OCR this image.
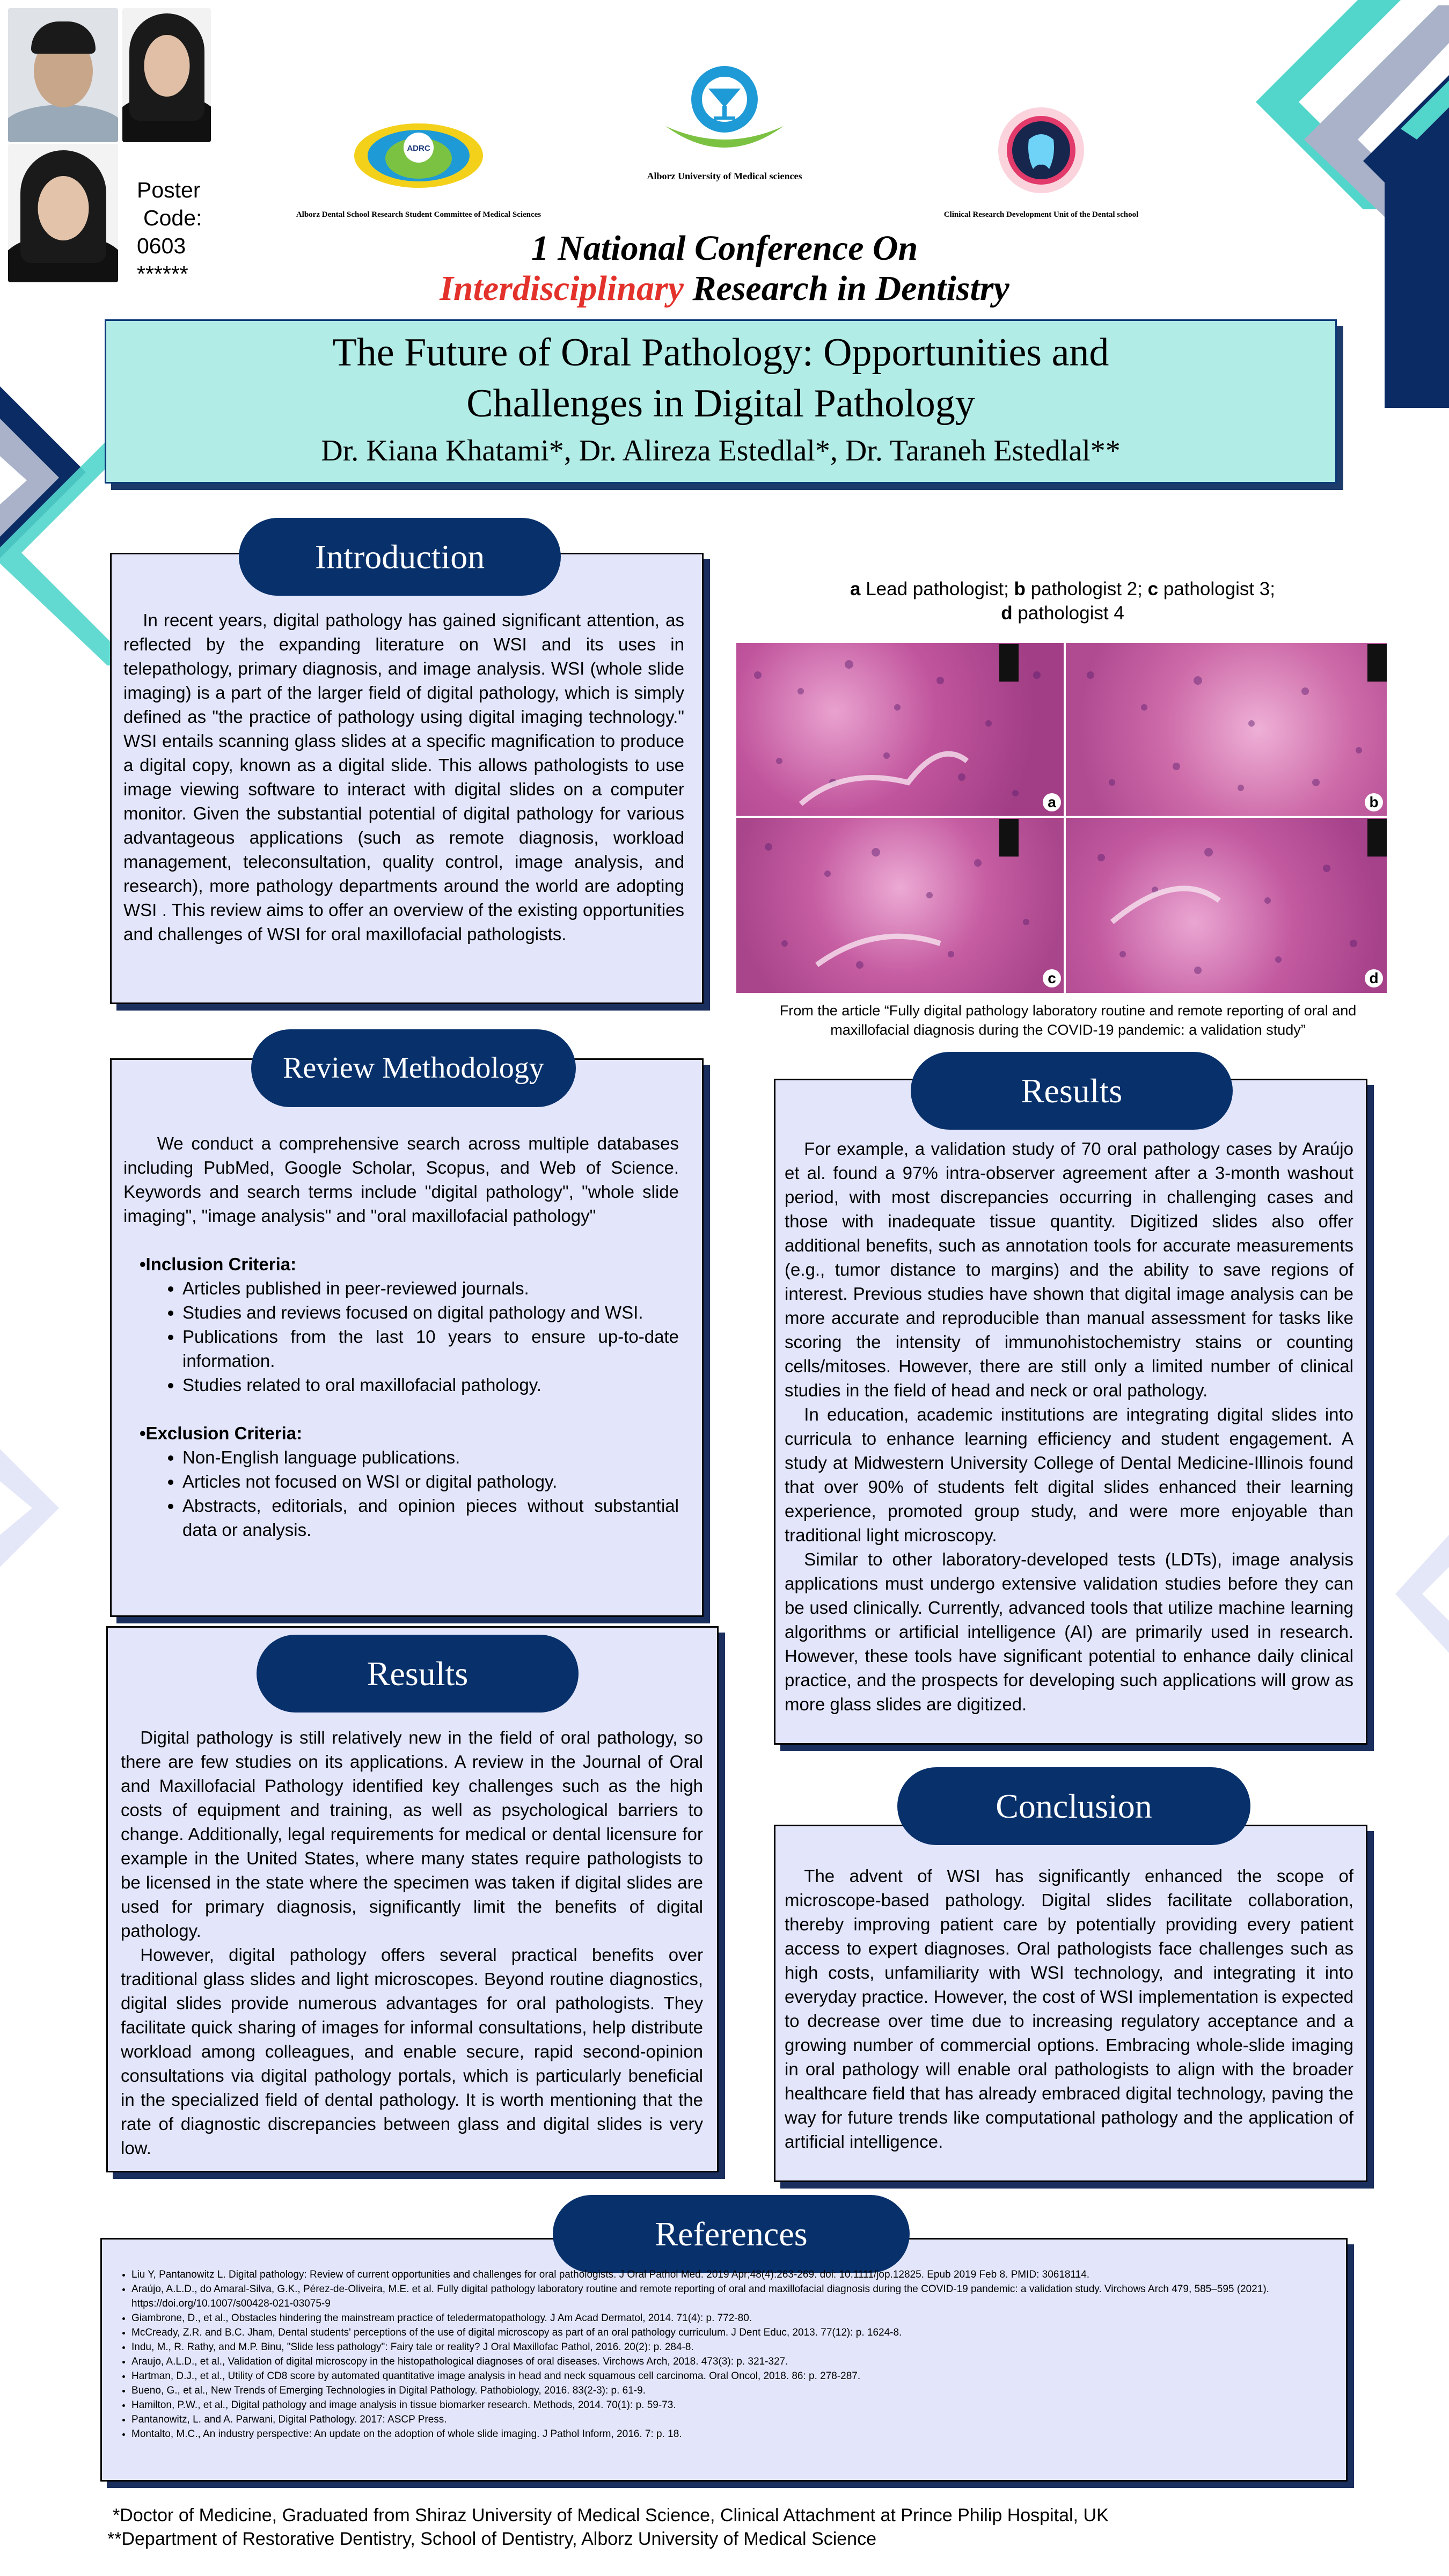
Poster
Code:
0603
******
ADRC
Alborz Dental School Research Student Committee of Medical Sciences
Alborz University of Medical sciences
Clinical Research Development Unit of the Dental school
1 National Conference On
Interdisciplinary Research in Dentistry
The Future of Oral Pathology: Opportunities and Challenges in Digital Pathology
Dr. Kiana Khatami*, Dr. Alireza Estedlal*, Dr. Taraneh Estedlal**
Introduction

In recent years, digital pathology has gained significant attention, as reflected by the expanding literature on WSI and its uses in telepathology, primary diagnosis, and image analysis. WSI (whole slide imaging) is a part of the larger field of digital pathology, which is simply defined as "the practice of pathology using digital imaging technology." WSI entails scanning glass slides at a specific magnification to produce a digital copy, known as a digital slide. This allows pathologists to use image viewing software to interact with digital slides on a computer monitor. Given the substantial potential of digital pathology for various advantageous applications (such as remote diagnosis, workload management, teleconsultation, quality control, image analysis, and research), more pathology departments around the world are adopting WSI . This review aims to offer an overview of the existing opportunities and challenges of WSI for oral maxillofacial pathologists.

a Lead pathologist; b pathologist 2; c pathologist 3;
d pathologist 4
a	b
c	d
From the article “Fully digital pathology laboratory routine and remote reporting of oral and maxillofacial diagnosis during the COVID-19 pandemic: a validation study”
Review Methodology

We conduct a comprehensive search across multiple databases including PubMed, Google Scholar, Scopus, and Web of Science. Keywords and search terms include "digital pathology", "whole slide imaging", "image analysis" and "oral maxillofacial pathology"

•Inclusion Criteria:
• Articles published in peer-reviewed journals.
• Studies and reviews focused on digital pathology and WSI.
• Publications from the last 10 years to ensure up-to-date information.
• Studies related to oral maxillofacial pathology.
•Exclusion Criteria:
• Non-English language publications.
• Articles not focused on WSI or digital pathology.
• Abstracts, editorials, and opinion pieces without substantial data or analysis.
Results

Digital pathology is still relatively new in the field of oral pathology, so there are few studies on its applications. A review in the Journal of Oral and Maxillofacial Pathology identified key challenges such as the high costs of equipment and training, as well as psychological barriers to change. Additionally, legal requirements for medical or dental licensure for example in the United States, where many states require pathologists to be licensed in the state where the specimen was taken if digital slides are used for primary diagnosis, significantly limit the benefits of digital pathology.

However, digital pathology offers several practical benefits over traditional glass slides and light microscopes. Beyond routine diagnostics, digital slides provide numerous advantages for oral pathologists. They facilitate quick sharing of images for informal consultations, help distribute workload among colleagues, and enable secure, rapid second-opinion consultations via digital pathology portals, which is particularly beneficial in the specialized field of dental pathology. It is worth mentioning that the rate of diagnostic discrepancies between glass and digital slides is very low.

Results

For example, a validation study of 70 oral pathology cases by Araújo et al. found a 97% intra-observer agreement after a 3-month washout period, with most discrepancies occurring in challenging cases and those with inadequate tissue quantity. Digitized slides also offer additional benefits, such as annotation tools for accurate measurements (e.g., tumor distance to margins) and the ability to save regions of interest. Previous studies have shown that digital image analysis can be more accurate and reproducible than manual assessment for tasks like scoring the intensity of immunohistochemistry stains or counting cells/mitoses. However, there are still only a limited number of clinical studies in the field of head and neck or oral pathology.

In education, academic institutions are integrating digital slides into curricula to enhance learning efficiency and student engagement. A study at Midwestern University College of Dental Medicine-Illinois found that over 90% of students felt digital slides enhanced their learning experience, promoted group study, and were more enjoyable than traditional light microscopy.

Similar to other laboratory-developed tests (LDTs), image analysis applications must undergo extensive validation studies before they can be used clinically. Currently, advanced tools that utilize machine learning algorithms or artificial intelligence (AI) are primarily used in research. However, these tools have significant potential to enhance daily clinical practice, and the prospects for developing such applications will grow as more glass slides are digitized.

Conclusion

The advent of WSI has significantly enhanced the scope of microscope-based pathology. Digital slides facilitate collaboration, thereby improving patient care by potentially providing every patient access to expert diagnoses. Oral pathologists face challenges such as high costs, unfamiliarity with WSI technology, and integrating it into everyday practice. However, the cost of WSI implementation is expected to decrease over time due to increasing regulatory acceptance and a growing number of commercial options. Embracing whole-slide imaging in oral pathology will enable oral pathologists to align with the broader healthcare field that has already embraced digital technology, paving the way for future trends like computational pathology and the application of artificial intelligence.

References
• Liu Y, Pantanowitz L. Digital pathology: Review of current opportunities and challenges for oral pathologists. J Oral Pathol Med. 2019 Apr;48(4):263-269. doi: 10.1111/jop.12825. Epub 2019 Feb 8. PMID: 30618114.
• Araújo, A.L.D., do Amaral-Silva, G.K., Pérez-de-Oliveira, M.E. et al. Fully digital pathology laboratory routine and remote reporting of oral and maxillofacial diagnosis during the COVID-19 pandemic: a validation study. Virchows Arch 479, 585–595 (2021). https://doi.org/10.1007/s00428-021-03075-9
• Giambrone, D., et al., Obstacles hindering the mainstream practice of teledermatopathology. J Am Acad Dermatol, 2014. 71(4): p. 772-80.
• McCready, Z.R. and B.C. Jham, Dental students' perceptions of the use of digital microscopy as part of an oral pathology curriculum. J Dent Educ, 2013. 77(12): p. 1624-8.
• Indu, M., R. Rathy, and M.P. Binu, "Slide less pathology": Fairy tale or reality? J Oral Maxillofac Pathol, 2016. 20(2): p. 284-8.
• Araujo, A.L.D., et al., Validation of digital microscopy in the histopathological diagnoses of oral diseases. Virchows Arch, 2018. 473(3): p. 321-327.
• Hartman, D.J., et al., Utility of CD8 score by automated quantitative image analysis in head and neck squamous cell carcinoma. Oral Oncol, 2018. 86: p. 278-287.
• Bueno, G., et al., New Trends of Emerging Technologies in Digital Pathology. Pathobiology, 2016. 83(2-3): p. 61-9.
• Hamilton, P.W., et al., Digital pathology and image analysis in tissue biomarker research. Methods, 2014. 70(1): p. 59-73.
• Pantanowitz, L. and A. Parwani, Digital Pathology. 2017: ASCP Press.
• Montalto, M.C., An industry perspective: An update on the adoption of whole slide imaging. J Pathol Inform, 2016. 7: p. 18.
*Doctor of Medicine, Graduated from Shiraz University of Medical Science, Clinical Attachment at Prince Philip Hospital, UK
**Department of Restorative Dentistry, School of Dentistry, Alborz University of Medical Science
